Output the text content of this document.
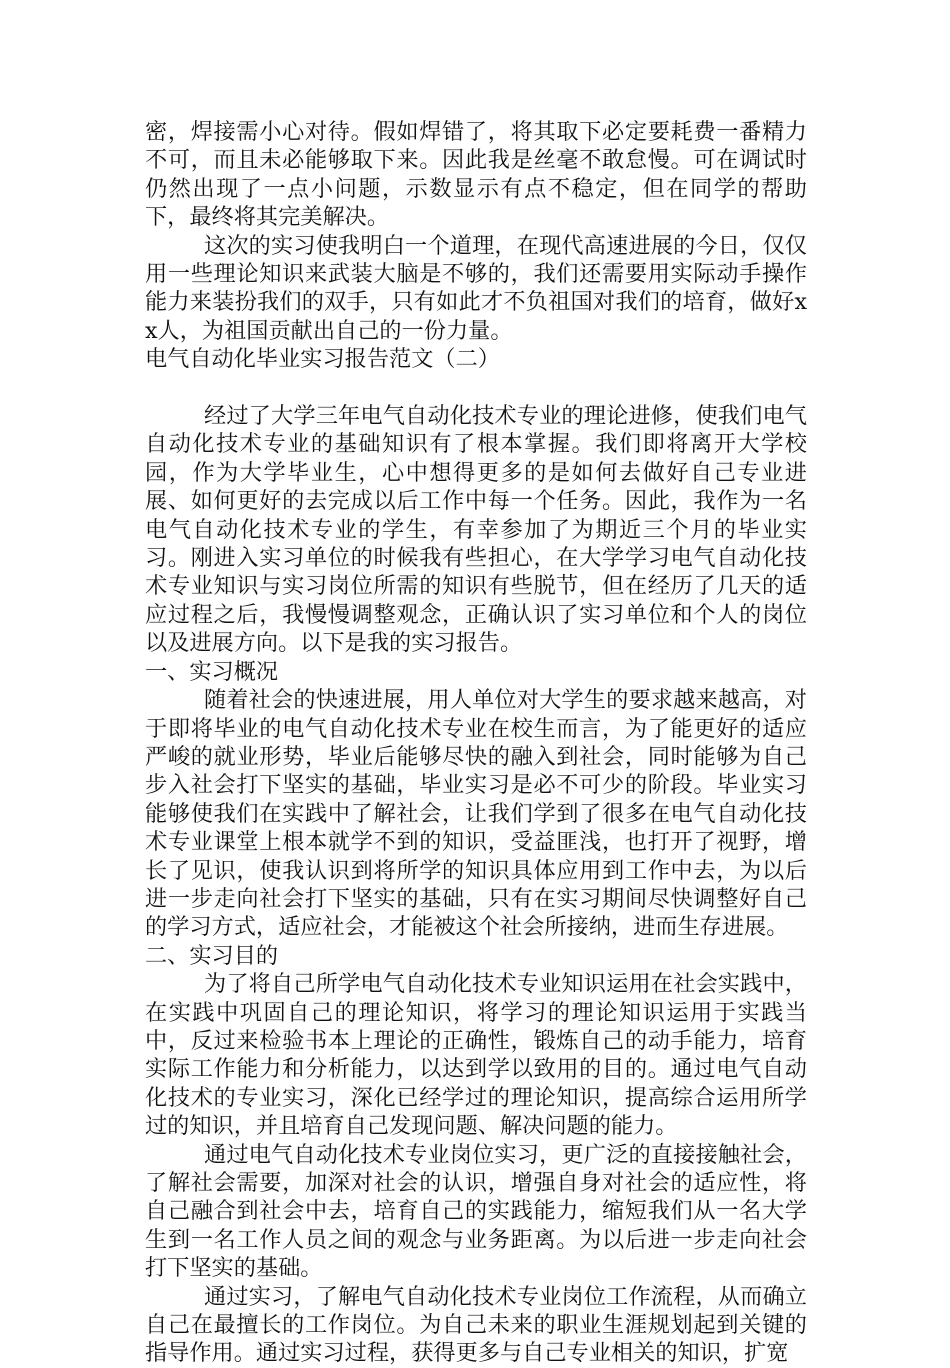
密，焊接需小心对待。假如焊错了，将其取下必定要耗费一番精力不可，而且未必能够取下来。因此我是丝毫不敢怠慢。可在调试时仍然出现了一点小问题，示数显示有点不稳定，但在同学的帮助下，最终将其完美解决。

这次的实习使我明白一个道理，在现代高速进展的今日，仅仅用一些理论知识来武装大脑是不够的，我们还需要用实际动手操作能力来装扮我们的双手，只有如此才不负祖国对我们的培育，做好xx人，为祖国贡献出自己的一份力量。

电气自动化毕业实习报告范文（二）

经过了大学三年电气自动化技术专业的理论进修，使我们电气自动化技术专业的基础知识有了根本掌握。我们即将离开大学校园，作为大学毕业生，心中想得更多的是如何去做好自己专业进展、如何更好的去完成以后工作中每一个任务。因此，我作为一名电气自动化技术专业的学生，有幸参加了为期近三个月的毕业实习。刚进入实习单位的时候我有些担心，在大学学习电气自动化技术专业知识与实习岗位所需的知识有些脱节，但在经历了几天的适应过程之后，我慢慢调整观念，正确认识了实习单位和个人的岗位以及进展方向。以下是我的实习报告。

一、实习概况

随着社会的快速进展，用人单位对大学生的要求越来越高，对于即将毕业的电气自动化技术专业在校生而言，为了能更好的适应严峻的就业形势，毕业后能够尽快的融入到社会，同时能够为自己步入社会打下坚实的基础，毕业实习是必不可少的阶段。毕业实习能够使我们在实践中了解社会，让我们学到了很多在电气自动化技术专业课堂上根本就学不到的知识，受益匪浅，也打开了视野，增长了见识，使我认识到将所学的知识具体应用到工作中去，为以后进一步走向社会打下坚实的基础，只有在实习期间尽快调整好自己的学习方式，适应社会，才能被这个社会所接纳，进而生存进展。

二、实习目的

为了将自己所学电气自动化技术专业知识运用在社会实践中，在实践中巩固自己的理论知识，将学习的理论知识运用于实践当中，反过来检验书本上理论的正确性，锻炼自己的动手能力，培育实际工作能力和分析能力，以达到学以致用的目的。通过电气自动化技术的专业实习，深化已经学过的理论知识，提高综合运用所学过的知识，并且培育自己发现问题、解决问题的能力。

通过电气自动化技术专业岗位实习，更广泛的直接接触社会，了解社会需要，加深对社会的认识，增强自身对社会的适应性，将自己融合到社会中去，培育自己的实践能力，缩短我们从一名大学生到一名工作人员之间的观念与业务距离。为以后进一步走向社会打下坚实的基础。

通过实习，了解电气自动化技术专业岗位工作流程，从而确立自己在最擅长的工作岗位。为自己未来的职业生涯规划起到关键的指导作用。通过实习过程，获得更多与自己专业相关的知识，扩宽
